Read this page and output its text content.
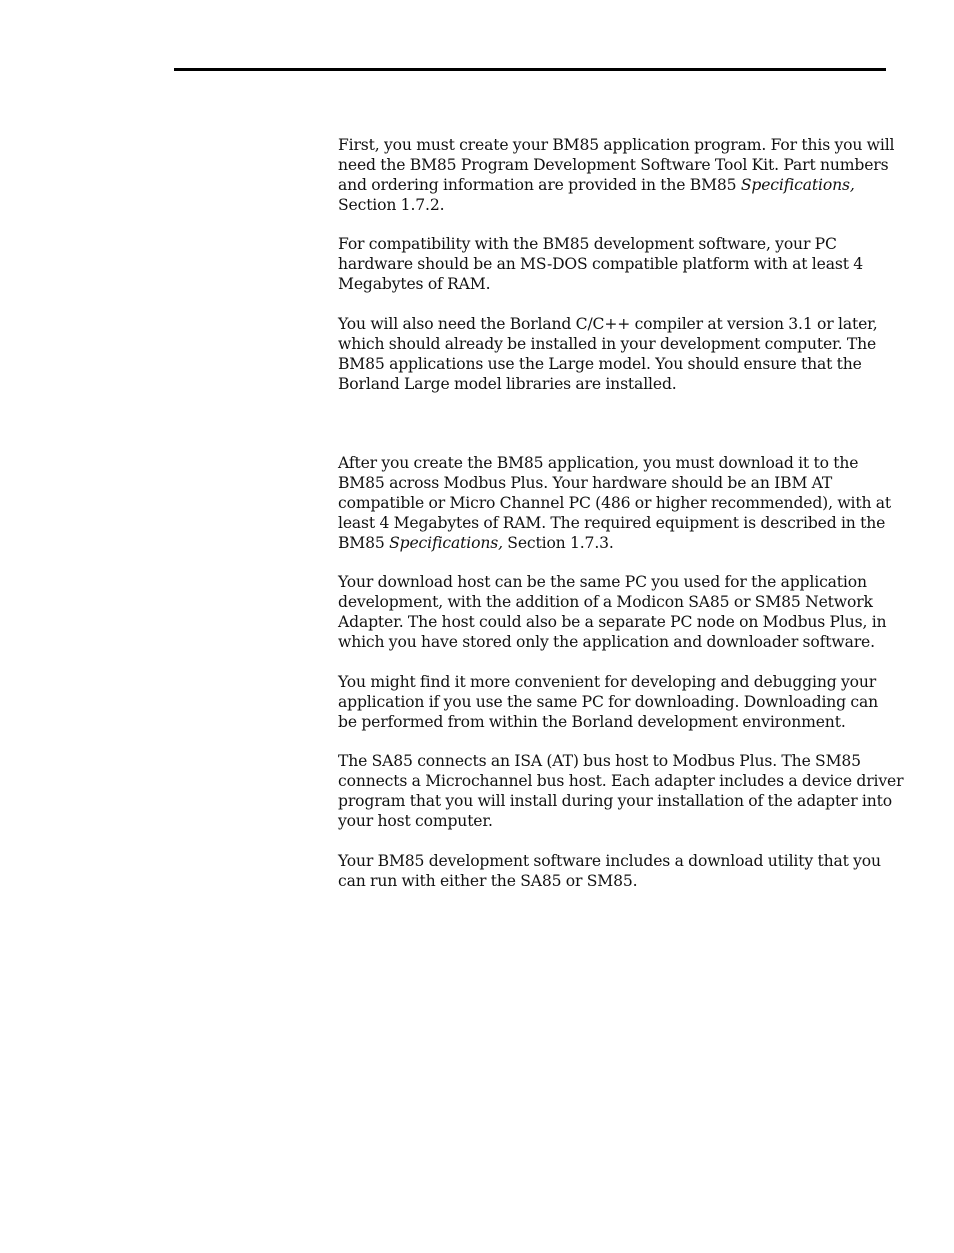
First, you must create your BM85 application program. For this you will
need the BM85 Program Development Software Tool Kit. Part numbers
and ordering information are provided in the BM85 Specifications,
Section 1.7.2.

For compatibility with the BM85 development software, your PC
hardware should be an MS-DOS compatible platform with at least 4
Megabytes of RAM.

You will also need the Borland C/C++ compiler at version 3.1 or later,
which should already be installed in your development computer. The
BM85 applications use the Large model. You should ensure that the
Borland Large model libraries are installed.

After you create the BM85 application, you must download it to the
BM85 across Modbus Plus. Your hardware should be an IBM AT
compatible or Micro Channel PC (486 or higher recommended), with at
least 4 Megabytes of RAM. The required equipment is described in the
BM85 Specifications, Section 1.7.3.

Your download host can be the same PC you used for the application
development, with the addition of a Modicon SA85 or SM85 Network
Adapter. The host could also be a separate PC node on Modbus Plus, in
which you have stored only the application and downloader software.

You might find it more convenient for developing and debugging your
application if you use the same PC for downloading. Downloading can
be performed from within the Borland development environment.

The SA85 connects an ISA (AT) bus host to Modbus Plus. The SM85
connects a Microchannel bus host. Each adapter includes a device driver
program that you will install during your installation of the adapter into
your host computer.

Your BM85 development software includes a download utility that you
can run with either the SA85 or SM85.
